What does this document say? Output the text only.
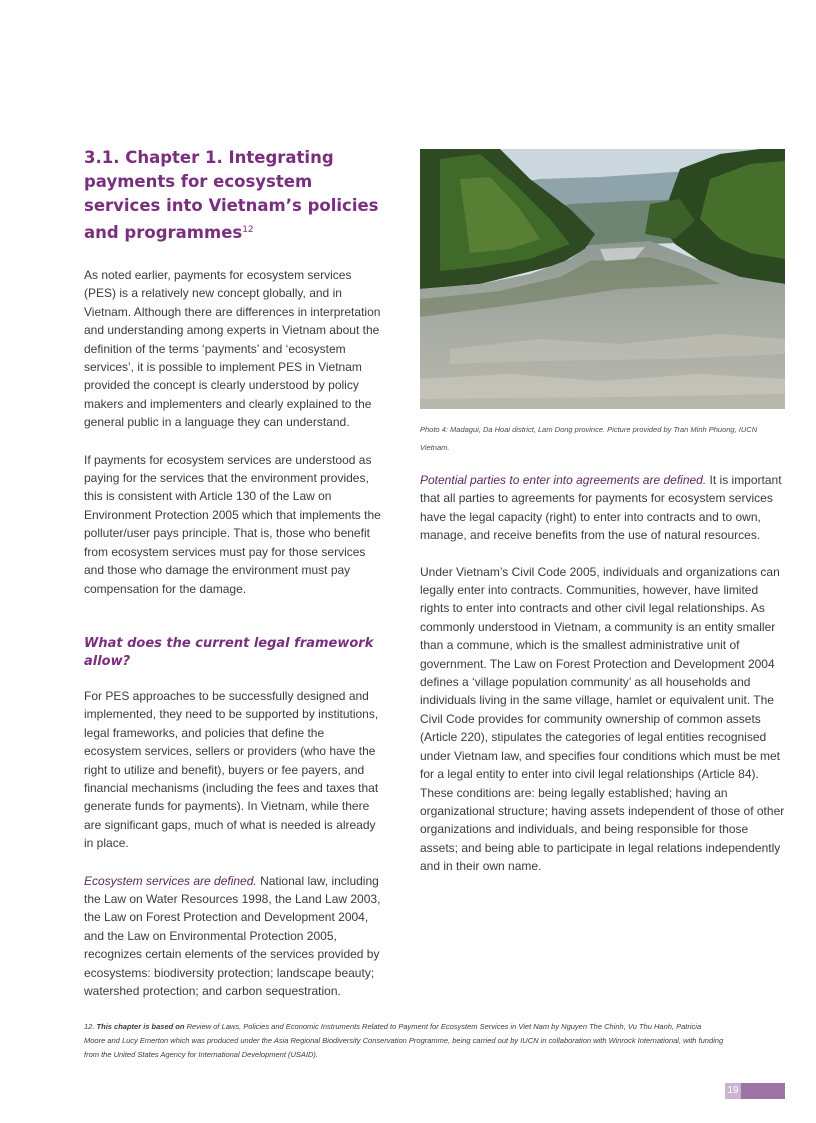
3.1. Chapter 1. Integrating payments for ecosystem services into Vietnam’s policies and programmes$^{12}$

As noted earlier, payments for ecosystem services (PES) is a relatively new concept globally, and in Vietnam. Although there are differences in interpretation and understanding among experts in Vietnam about the definition of the terms ‘payments’ and ‘ecosystem services’, it is possible to implement PES in Vietnam provided the concept is clearly understood by policy makers and implementers and clearly explained to the general public in a language they can understand.

If payments for ecosystem services are understood as paying for the services that the environment provides, this is consistent with Article 130 of the Law on Environment Protection 2005 which that implements the polluter/user pays principle. That is, those who benefit from ecosystem services must pay for those services and those who damage the environment must pay compensation for the damage.

What does the current legal framework allow?

For PES approaches to be successfully designed and implemented, they need to be supported by institutions, legal frameworks, and policies that define the ecosystem services, sellers or providers (who have the right to utilize and benefit), buyers or fee payers, and financial mechanisms (including the fees and taxes that generate funds for payments). In Vietnam, while there are significant gaps, much of what is needed is already in place.

Ecosystem services are defined. National law, including the Law on Water Resources 1998, the Land Law 2003, the Law on Forest Protection and Development 2004, and the Law on Environmental Protection 2005, recognizes certain elements of the services provided by ecosystems: biodiversity protection; landscape beauty; watershed protection; and carbon sequestration.

Photo 4: Madagui, Da Hoai district, Lam Dong province. Picture provided by Tran Minh Phuong, IUCN Vietnam.

Potential parties to enter into agreements are defined. It is important that all parties to agreements for payments for ecosystem services have the legal capacity (right) to enter into contracts and to own, manage, and receive benefits from the use of natural resources.

Under Vietnam’s Civil Code 2005, individuals and organizations can legally enter into contracts. Communities, however, have limited rights to enter into contracts and other civil legal relationships. As commonly understood in Vietnam, a community is an entity smaller than a commune, which is the smallest administrative unit of government. The Law on Forest Protection and Development 2004 defines a ‘village population community’ as all households and individuals living in the same village, hamlet or equivalent unit. The Civil Code provides for community ownership of common assets (Article 220), stipulates the categories of legal entities recognised under Vietnam law, and specifies four conditions which must be met for a legal entity to enter into civil legal relationships (Article 84). These conditions are: being legally established; having an organizational structure; having assets independent of those of other organizations and individuals, and being responsible for those assets; and being able to participate in legal relations independently and in their own name.

12. This chapter is based on Review of Laws, Policies and Economic Instruments Related to Payment for Ecosystem Services in Viet Nam by Nguyen The Chinh, Vu Thu Hanh, Patricia Moore and Lucy Emerton which was produced under the Asia Regional Biodiversity Conservation Programme, being carried out by IUCN in collaboration with Winrock International, with funding from the United States Agency for International Development (USAID).
19
